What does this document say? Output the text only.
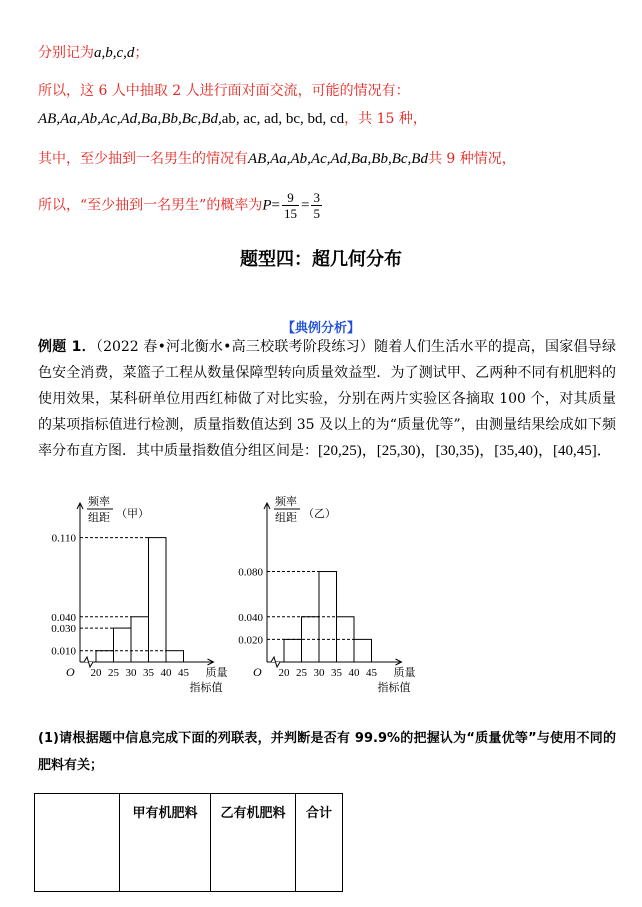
分别记为a,b,c,d；
所以，这 6 人中抽取 2 人进行面对面交流，可能的情况有：
AB,Aa,Ab,Ac,Ad,Ba,Bb,Bc,Bd,ab, ac, ad, bc, bd, cd，共 15 种，
其中，至少抽到一名男生的情况有AB,Aa,Ab,Ac,Ad,Ba,Bb,Bc,Bd共 9 种情况，
所以，“至少抽到一名男生”的概率为$P= \frac{9}{15} = \frac{3}{5}$
题型四：超几何分布
【典例分析】
例题 1．（2022 春•河北衡水•高三校联考阶段练习）随着人们生活水平的提高，国家倡导绿色安全消费，菜篮子工程从数量保障型转向质量效益型．为了测试甲、乙两种不同有机肥料的使用效果，某科研单位用西红柿做了对比实验，分别在两片实验区各摘取 100 个，对其质量的某项指标值进行检测，质量指数值达到 35 及以上的为“质量优等”，由测量结果绘成如下频率分布直方图．其中质量指数值分组区间是：[20,25)，[25,30)，[30,35)，[35,40)，[40,45]．
O
频率
组距 （甲）
0.010
0.030
0.040
0.110
20 25 30 35 40 45 质量
指标值
O
频率
组距 （乙）
0.020
0.040
0.080
20 25 30 35 40 45 质量
指标值
(1)请根据题中信息完成下面的列联表，并判断是否有 99.9%的把握认为“质量优等”与使用不同的肥料有关；
	甲有机肥料	乙有机肥料	合计
